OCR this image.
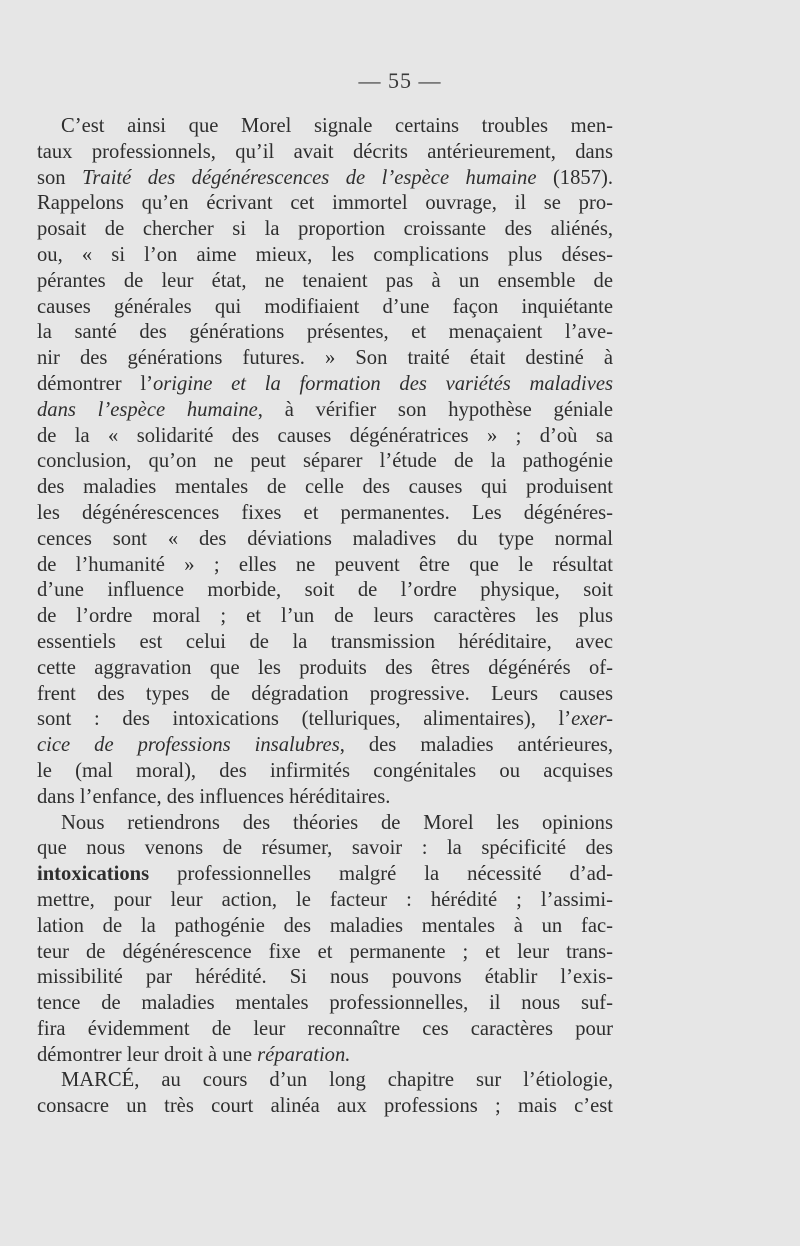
— 55 —
C’est ainsi que Morel signale certains troubles men-
taux professionnels, qu’il avait décrits antérieurement, dans
son Traité des dégénérescences de l’espèce humaine (1857).
Rappelons qu’en écrivant cet immortel ouvrage, il se pro-
posait de chercher si la proportion croissante des aliénés,
ou, « si l’on aime mieux, les complications plus déses-
pérantes de leur état, ne tenaient pas à un ensemble de
causes générales qui modifiaient d’une façon inquiétante
la santé des générations présentes, et menaçaient l’ave-
nir des générations futures. » Son traité était destiné à
démontrer l’origine et la formation des variétés maladives
dans l’espèce humaine, à vérifier son hypothèse géniale
de la « solidarité des causes dégénératrices » ; d’où sa
conclusion, qu’on ne peut séparer l’étude de la pathogénie
des maladies mentales de celle des causes qui produisent
les dégénérescences fixes et permanentes. Les dégénéres-
cences sont « des déviations maladives du type normal
de l’humanité » ; elles ne peuvent être que le résultat
d’une influence morbide, soit de l’ordre physique, soit
de l’ordre moral ; et l’un de leurs caractères les plus
essentiels est celui de la transmission héréditaire, avec
cette aggravation que les produits des êtres dégénérés of-
frent des types de dégradation progressive. Leurs causes
sont : des intoxications (telluriques, alimentaires), l’exer-
cice de professions insalubres, des maladies antérieures,
le (mal moral), des infirmités congénitales ou acquises
dans l’enfance, des influences héréditaires.
Nous retiendrons des théories de Morel les opinions
que nous venons de résumer, savoir : la spécificité des
intoxications professionnelles malgré la nécessité d’ad-
mettre, pour leur action, le facteur : hérédité ; l’assimi-
lation de la pathogénie des maladies mentales à un fac-
teur de dégénérescence fixe et permanente ; et leur trans-
missibilité par hérédité. Si nous pouvons établir l’exis-
tence de maladies mentales professionnelles, il nous suf-
fira évidemment de leur reconnaître ces caractères pour
démontrer leur droit à une réparation.
MARCÉ, au cours d’un long chapitre sur l’étiologie,
consacre un très court alinéa aux professions ; mais c’est
